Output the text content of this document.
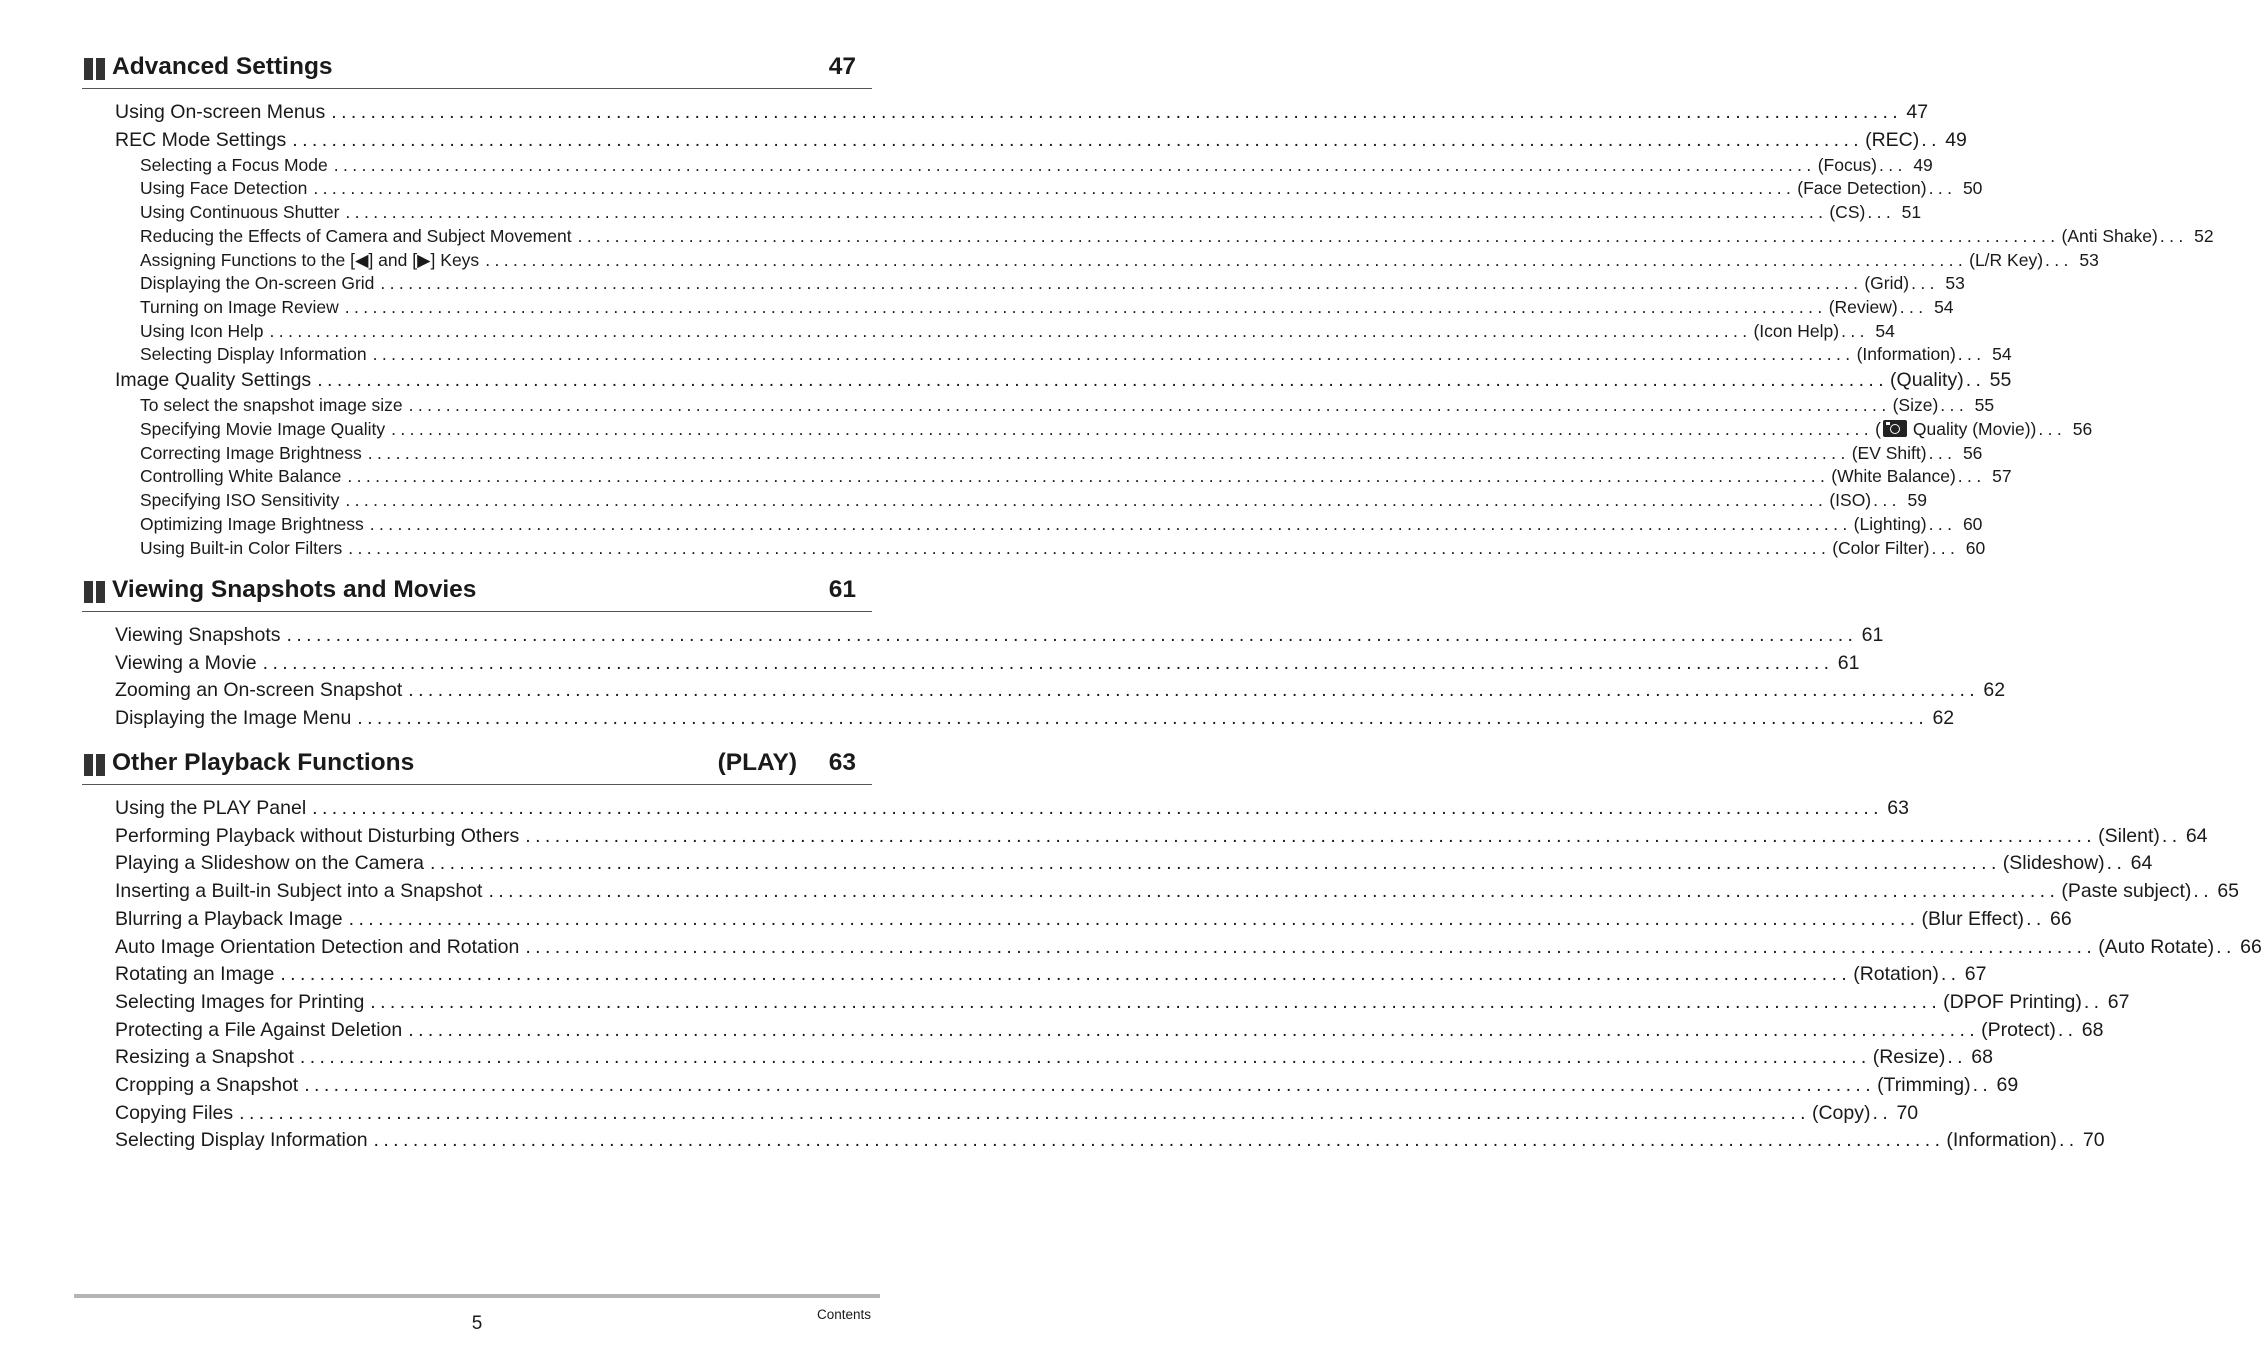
Advanced Settings	47
Using On-screen Menus ................................................................................................................................................................ 47
REC Mode Settings ................................................................................................................................................................ (REC) .. 49
Selecting a Focus Mode ................................................................................................................................................................ (Focus) ... 49
Using Face Detection ................................................................................................................................................................ (Face Detection) ... 50
Using Continuous Shutter ................................................................................................................................................................ (CS) ... 51
Reducing the Effects of Camera and Subject Movement ................................................................................................................................................................ (Anti Shake) ... 52
Assigning Functions to the [◀] and [▶] Keys ................................................................................................................................................................ (L/R Key) ... 53
Displaying the On-screen Grid ................................................................................................................................................................ (Grid) ... 53
Turning on Image Review ................................................................................................................................................................ (Review) ... 54
Using Icon Help ................................................................................................................................................................ (Icon Help) ... 54
Selecting Display Information ................................................................................................................................................................ (Information) ... 54
Image Quality Settings ................................................................................................................................................................ (Quality) .. 55
To select the snapshot image size ................................................................................................................................................................ (Size) ... 55
Specifying Movie Image Quality ................................................................................................................................................................ ( Quality (Movie)) ... 56
Correcting Image Brightness ................................................................................................................................................................ (EV Shift) ... 56
Controlling White Balance ................................................................................................................................................................ (White Balance) ... 57
Specifying ISO Sensitivity ................................................................................................................................................................ (ISO) ... 59
Optimizing Image Brightness ................................................................................................................................................................ (Lighting) ... 60
Using Built-in Color Filters ................................................................................................................................................................ (Color Filter) ... 60
Viewing Snapshots and Movies	61
Viewing Snapshots ................................................................................................................................................................ 61
Viewing a Movie ................................................................................................................................................................ 61
Zooming an On-screen Snapshot ................................................................................................................................................................ 62
Displaying the Image Menu ................................................................................................................................................................ 62
Other Playback Functions	(PLAY) 63
Using the PLAY Panel ................................................................................................................................................................ 63
Performing Playback without Disturbing Others ................................................................................................................................................................ (Silent) .. 64
Playing a Slideshow on the Camera ................................................................................................................................................................ (Slideshow) .. 64
Inserting a Built-in Subject into a Snapshot ................................................................................................................................................................ (Paste subject) .. 65
Blurring a Playback Image ................................................................................................................................................................ (Blur Effect) .. 66
Auto Image Orientation Detection and Rotation ................................................................................................................................................................ (Auto Rotate) .. 66
Rotating an Image ................................................................................................................................................................ (Rotation) .. 67
Selecting Images for Printing ................................................................................................................................................................ (DPOF Printing) .. 67
Protecting a File Against Deletion ................................................................................................................................................................ (Protect) .. 68
Resizing a Snapshot ................................................................................................................................................................ (Resize) .. 68
Cropping a Snapshot ................................................................................................................................................................ (Trimming) .. 69
Copying Files ................................................................................................................................................................ (Copy) .. 70
Selecting Display Information ................................................................................................................................................................ (Information) .. 70
5	Contents
